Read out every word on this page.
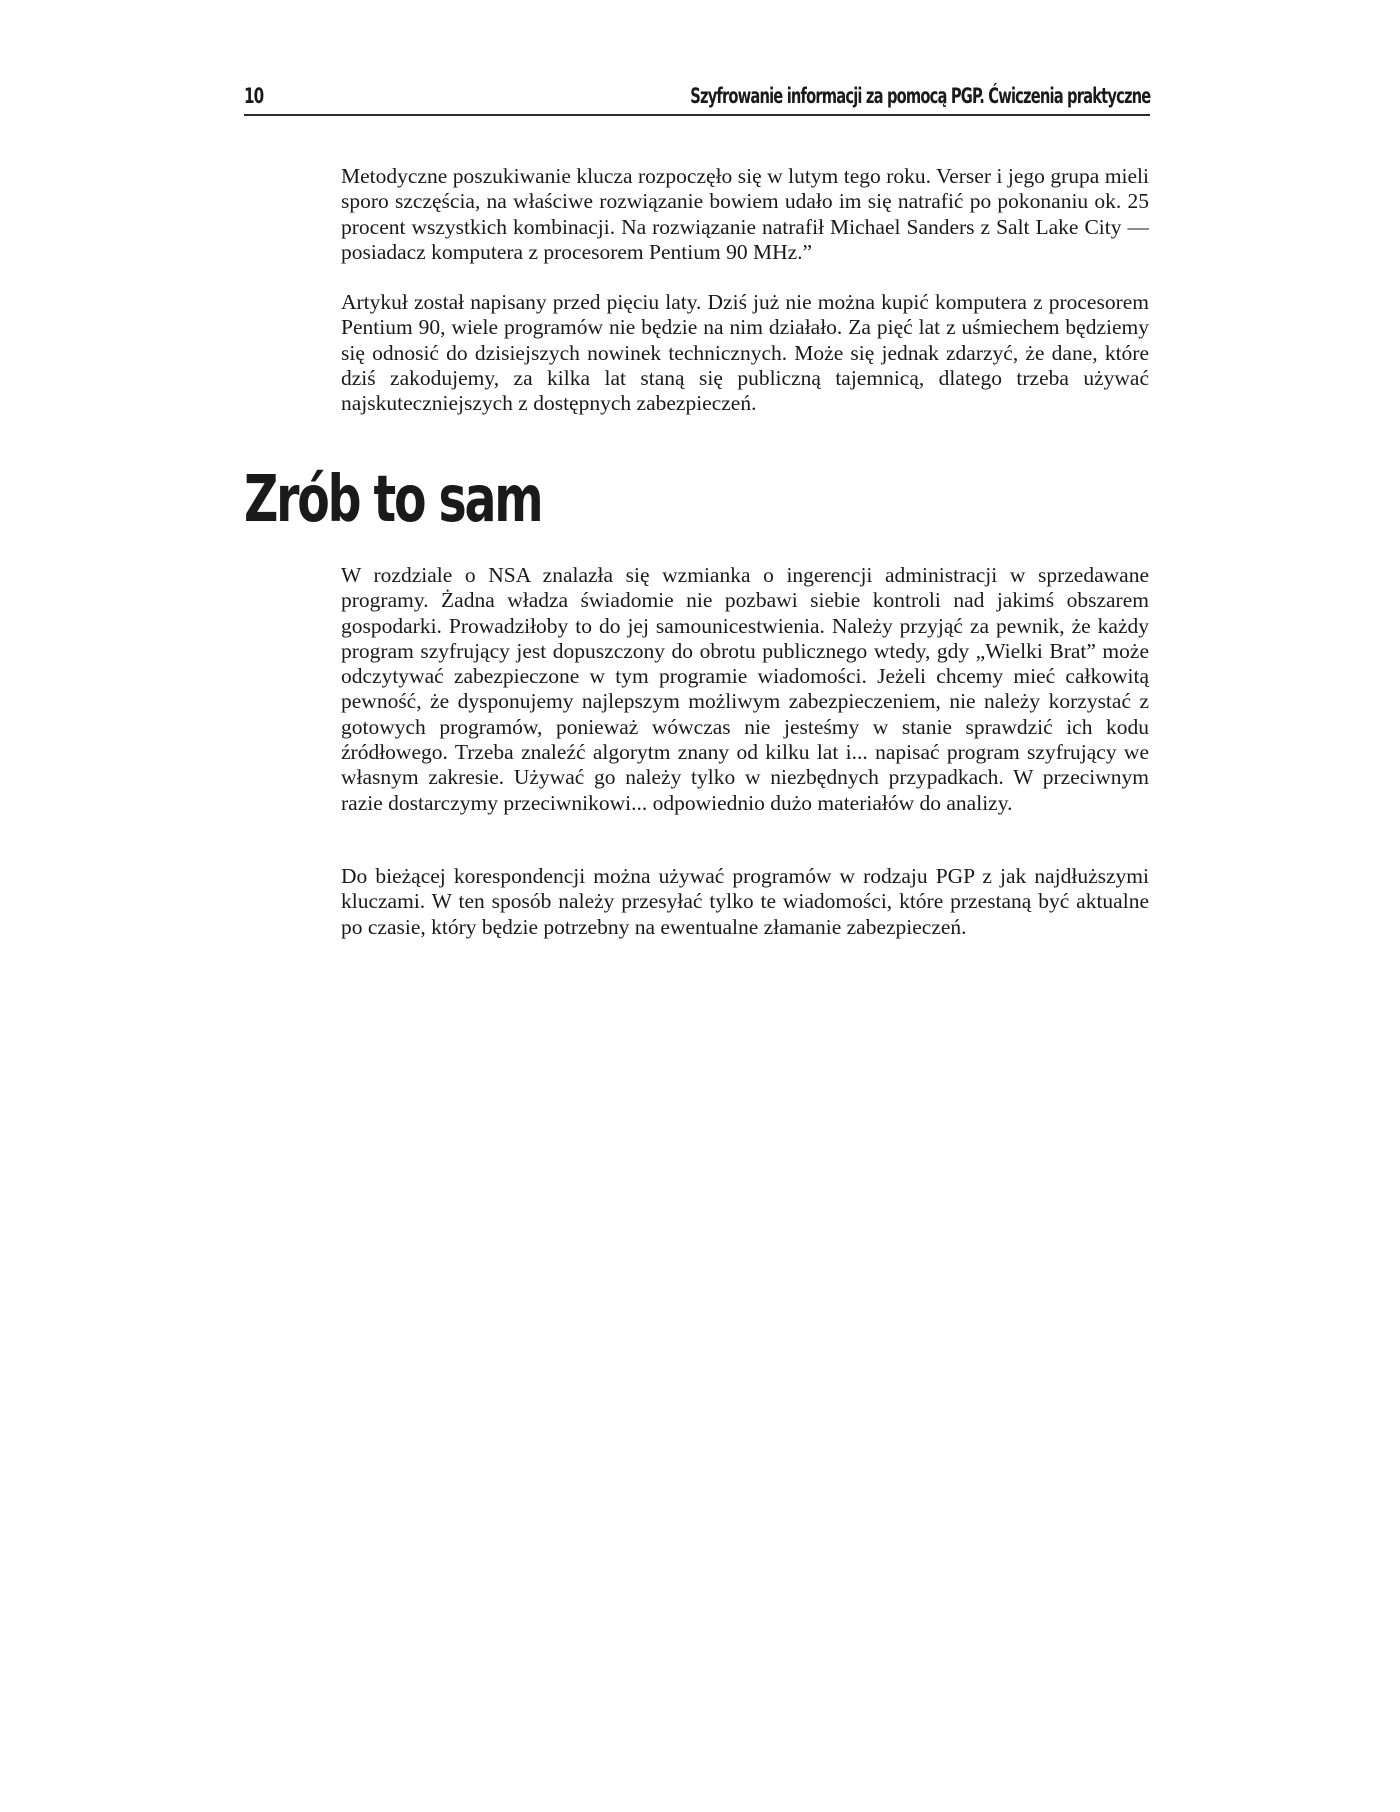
10	Szyfrowanie informacji za pomocą PGP. Ćwiczenia praktyczne

Metodyczne poszukiwanie klucza rozpoczęło się w lutym tego roku. Verser i jego grupa mieli sporo szczęścia, na właściwe rozwiązanie bowiem udało im się natrafić po pokonaniu ok. 25 procent wszystkich kombinacji. Na rozwiązanie natrafił Michael Sanders z Salt Lake City — posiadacz komputera z procesorem Pentium 90 MHz.”

Artykuł został napisany przed pięciu laty. Dziś już nie można kupić komputera z procesorem Pentium 90, wiele programów nie będzie na nim działało. Za pięć lat z uśmiechem będziemy się odnosić do dzisiejszych nowinek technicznych. Może się jednak zdarzyć, że dane, które dziś zakodujemy, za kilka lat staną się publiczną tajemnicą, dlatego trzeba używać najskuteczniejszych z dostępnych zabezpieczeń.

Zrób to sam

W rozdziale o NSA znalazła się wzmianka o ingerencji administracji w sprzedawane programy. Żadna władza świadomie nie pozbawi siebie kontroli nad jakimś obszarem gospodarki. Prowadziłoby to do jej samounicestwienia. Należy przyjąć za pewnik, że każdy program szyfrujący jest dopuszczony do obrotu publicznego wtedy, gdy „Wielki Brat” może odczytywać zabezpieczone w tym programie wiadomości. Jeżeli chcemy mieć całkowitą pewność, że dysponujemy najlepszym możliwym zabezpieczeniem, nie należy korzystać z gotowych programów, ponieważ wówczas nie jesteśmy w stanie sprawdzić ich kodu źródłowego. Trzeba znaleźć algorytm znany od kilku lat i... napisać program szyfrujący we własnym zakresie. Używać go należy tylko w niezbędnych przypadkach. W przeciwnym razie dostarczymy przeciwnikowi... odpowiednio dużo materiałów do analizy.

Do bieżącej korespondencji można używać programów w rodzaju PGP z jak najdłuższymi kluczami. W ten sposób należy przesyłać tylko te wiadomości, które przestaną być aktualne po czasie, który będzie potrzebny na ewentualne złamanie zabezpieczeń.
